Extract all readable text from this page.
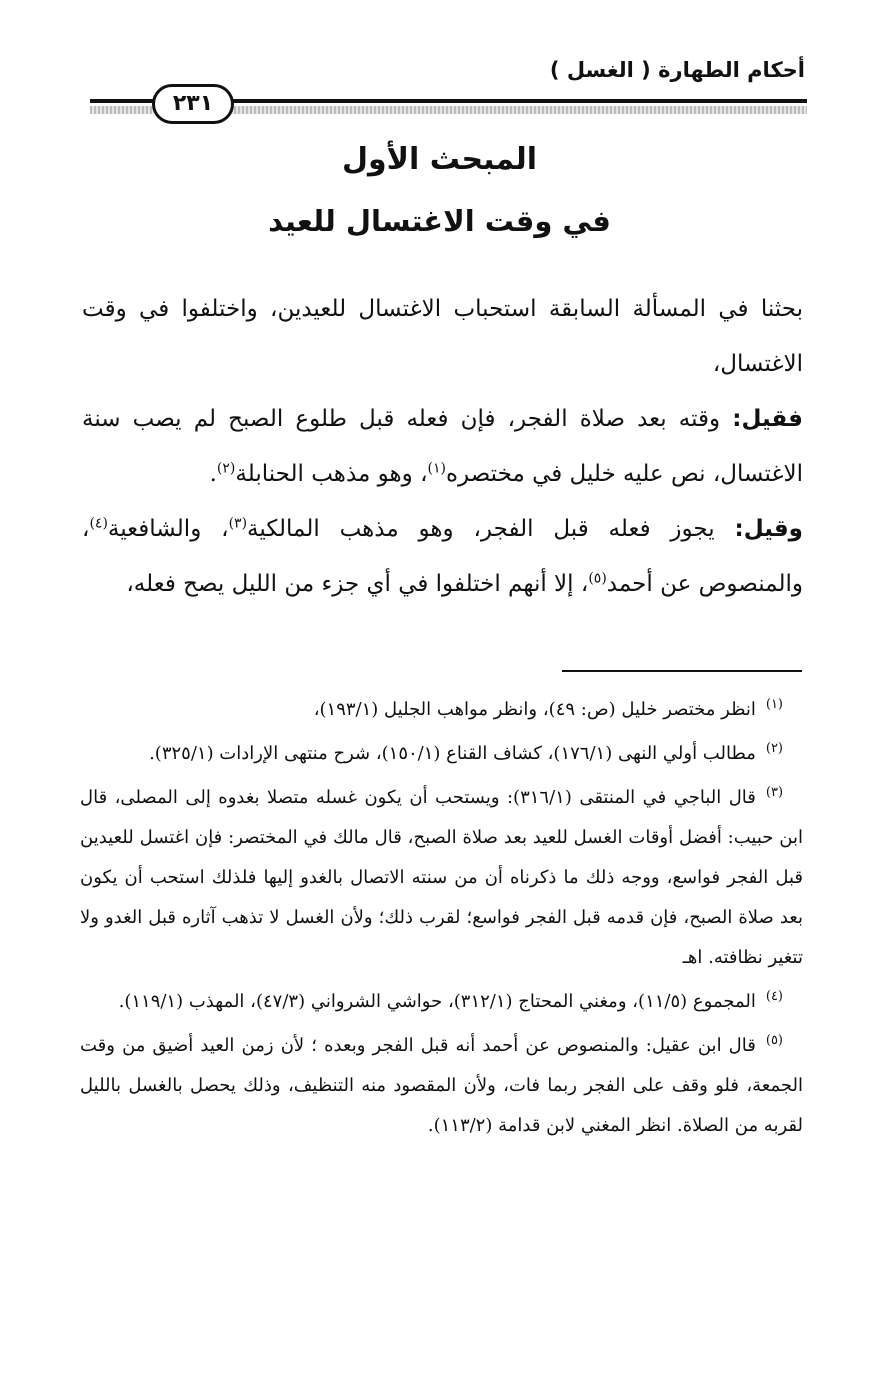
أحكام الطهارة ( الغسل )
٢٣١
المبحث الأول
في وقت الاغتسال للعيد

بحثنا في المسألة السابقة استحباب الاغتسال للعيدين، واختلفوا في وقت الاغتسال،

فقيل: وقته بعد صلاة الفجر، فإن فعله قبل طلوع الصبح لم يصب سنة الاغتسال، نص عليه خليل في مختصره$^{(١)}$، وهو مذهب الحنابلة$^{(٢)}$.

وقيل: يجوز فعله قبل الفجر، وهو مذهب المالكية$^{(٣)}$، والشافعية$^{(٤)}$، والمنصوص عن أحمد$^{(٥)}$، إلا أنهم اختلفوا في أي جزء من الليل يصح فعله،

$^{(١)}$انظر مختصر خليل (ص: ٤٩)، وانظر مواهب الجليل (١٩٣/١)،

$^{(٢)}$مطالب أولي النهى (١٧٦/١)، كشاف القناع (١٥٠/١)، شرح منتهى الإرادات (٣٢٥/١).

$^{(٣)}$قال الباجي في المنتقى (٣١٦/١): ويستحب أن يكون غسله متصلا بغدوه إلى المصلى، قال ابن حبيب: أفضل أوقات الغسل للعيد بعد صلاة الصبح، قال مالك في المختصر: فإن اغتسل للعيدين قبل الفجر فواسع، ووجه ذلك ما ذكرناه أن من سنته الاتصال بالغدو إليها فلذلك استحب أن يكون بعد صلاة الصبح، فإن قدمه قبل الفجر فواسع؛ لقرب ذلك؛ ولأن الغسل لا تذهب آثاره قبل الغدو ولا تتغير نظافته. اهـ

$^{(٤)}$المجموع (١١/٥)، ومغني المحتاج (٣١٢/١)، حواشي الشرواني (٤٧/٣)، المهذب (١١٩/١).

$^{(٥)}$قال ابن عقيل: والمنصوص عن أحمد أنه قبل الفجر وبعده ؛ لأن زمن العيد أضيق من وقت الجمعة، فلو وقف على الفجر ربما فات، ولأن المقصود منه التنظيف، وذلك يحصل بالغسل بالليل لقربه من الصلاة. انظر المغني لابن قدامة (١١٣/٢).
